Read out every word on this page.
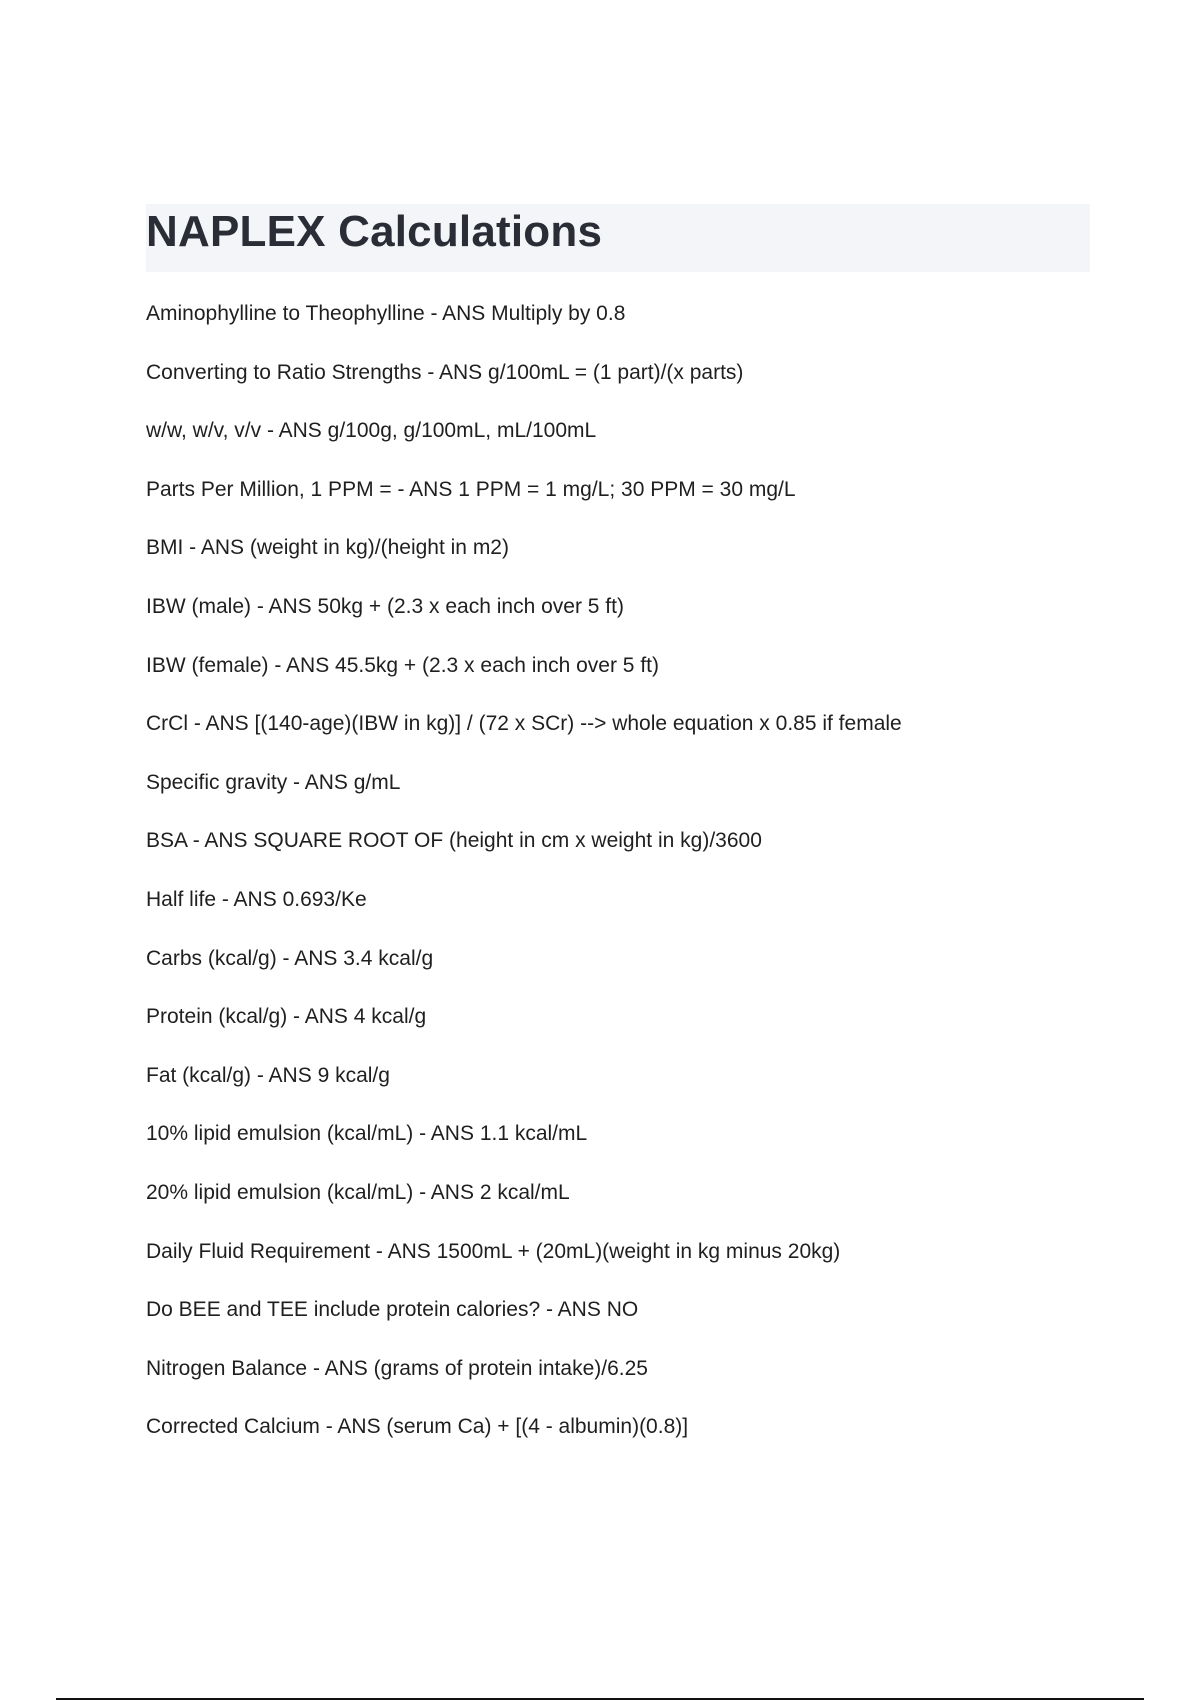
NAPLEX Calculations
Aminophylline to Theophylline - ANS Multiply by 0.8
Converting to Ratio Strengths - ANS g/100mL = (1 part)/(x parts)
w/w, w/v, v/v - ANS g/100g, g/100mL, mL/100mL
Parts Per Million, 1 PPM = - ANS 1 PPM = 1 mg/L; 30 PPM = 30 mg/L
BMI - ANS (weight in kg)/(height in m2)
IBW (male) - ANS 50kg + (2.3 x each inch over 5 ft)
IBW (female) - ANS 45.5kg + (2.3 x each inch over 5 ft)
CrCl - ANS [(140-age)(IBW in kg)] / (72 x SCr) --> whole equation x 0.85 if female
Specific gravity - ANS g/mL
BSA - ANS SQUARE ROOT OF (height in cm x weight in kg)/3600
Half life - ANS 0.693/Ke
Carbs (kcal/g) - ANS 3.4 kcal/g
Protein (kcal/g) - ANS 4 kcal/g
Fat (kcal/g) - ANS 9 kcal/g
10% lipid emulsion (kcal/mL) - ANS 1.1 kcal/mL
20% lipid emulsion (kcal/mL) - ANS 2 kcal/mL
Daily Fluid Requirement - ANS 1500mL + (20mL)(weight in kg minus 20kg)
Do BEE and TEE include protein calories? - ANS NO
Nitrogen Balance - ANS (grams of protein intake)/6.25
Corrected Calcium - ANS (serum Ca) + [(4 - albumin)(0.8)]
